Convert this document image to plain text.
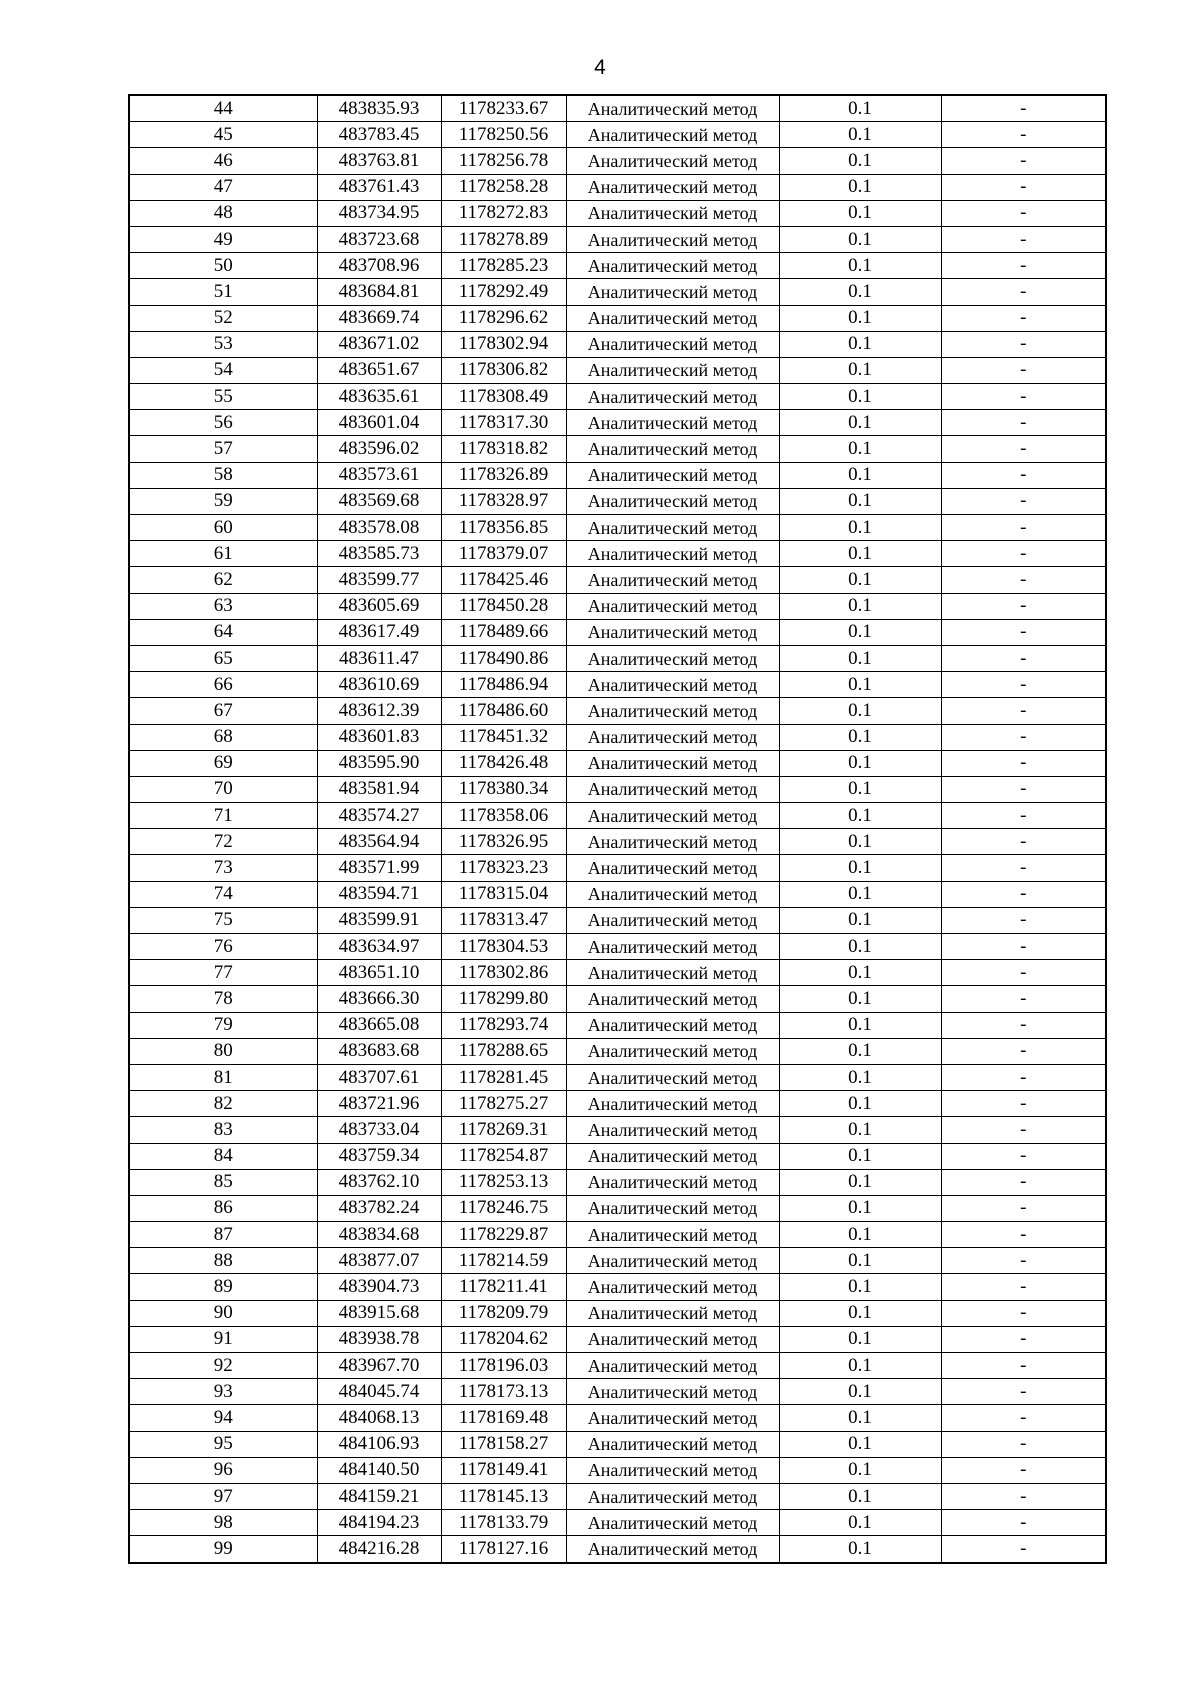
4
44	483835.93	1178233.67	Аналитический метод	0.1	-
45	483783.45	1178250.56	Аналитический метод	0.1	-
46	483763.81	1178256.78	Аналитический метод	0.1	-
47	483761.43	1178258.28	Аналитический метод	0.1	-
48	483734.95	1178272.83	Аналитический метод	0.1	-
49	483723.68	1178278.89	Аналитический метод	0.1	-
50	483708.96	1178285.23	Аналитический метод	0.1	-
51	483684.81	1178292.49	Аналитический метод	0.1	-
52	483669.74	1178296.62	Аналитический метод	0.1	-
53	483671.02	1178302.94	Аналитический метод	0.1	-
54	483651.67	1178306.82	Аналитический метод	0.1	-
55	483635.61	1178308.49	Аналитический метод	0.1	-
56	483601.04	1178317.30	Аналитический метод	0.1	-
57	483596.02	1178318.82	Аналитический метод	0.1	-
58	483573.61	1178326.89	Аналитический метод	0.1	-
59	483569.68	1178328.97	Аналитический метод	0.1	-
60	483578.08	1178356.85	Аналитический метод	0.1	-
61	483585.73	1178379.07	Аналитический метод	0.1	-
62	483599.77	1178425.46	Аналитический метод	0.1	-
63	483605.69	1178450.28	Аналитический метод	0.1	-
64	483617.49	1178489.66	Аналитический метод	0.1	-
65	483611.47	1178490.86	Аналитический метод	0.1	-
66	483610.69	1178486.94	Аналитический метод	0.1	-
67	483612.39	1178486.60	Аналитический метод	0.1	-
68	483601.83	1178451.32	Аналитический метод	0.1	-
69	483595.90	1178426.48	Аналитический метод	0.1	-
70	483581.94	1178380.34	Аналитический метод	0.1	-
71	483574.27	1178358.06	Аналитический метод	0.1	-
72	483564.94	1178326.95	Аналитический метод	0.1	-
73	483571.99	1178323.23	Аналитический метод	0.1	-
74	483594.71	1178315.04	Аналитический метод	0.1	-
75	483599.91	1178313.47	Аналитический метод	0.1	-
76	483634.97	1178304.53	Аналитический метод	0.1	-
77	483651.10	1178302.86	Аналитический метод	0.1	-
78	483666.30	1178299.80	Аналитический метод	0.1	-
79	483665.08	1178293.74	Аналитический метод	0.1	-
80	483683.68	1178288.65	Аналитический метод	0.1	-
81	483707.61	1178281.45	Аналитический метод	0.1	-
82	483721.96	1178275.27	Аналитический метод	0.1	-
83	483733.04	1178269.31	Аналитический метод	0.1	-
84	483759.34	1178254.87	Аналитический метод	0.1	-
85	483762.10	1178253.13	Аналитический метод	0.1	-
86	483782.24	1178246.75	Аналитический метод	0.1	-
87	483834.68	1178229.87	Аналитический метод	0.1	-
88	483877.07	1178214.59	Аналитический метод	0.1	-
89	483904.73	1178211.41	Аналитический метод	0.1	-
90	483915.68	1178209.79	Аналитический метод	0.1	-
91	483938.78	1178204.62	Аналитический метод	0.1	-
92	483967.70	1178196.03	Аналитический метод	0.1	-
93	484045.74	1178173.13	Аналитический метод	0.1	-
94	484068.13	1178169.48	Аналитический метод	0.1	-
95	484106.93	1178158.27	Аналитический метод	0.1	-
96	484140.50	1178149.41	Аналитический метод	0.1	-
97	484159.21	1178145.13	Аналитический метод	0.1	-
98	484194.23	1178133.79	Аналитический метод	0.1	-
99	484216.28	1178127.16	Аналитический метод	0.1	-
